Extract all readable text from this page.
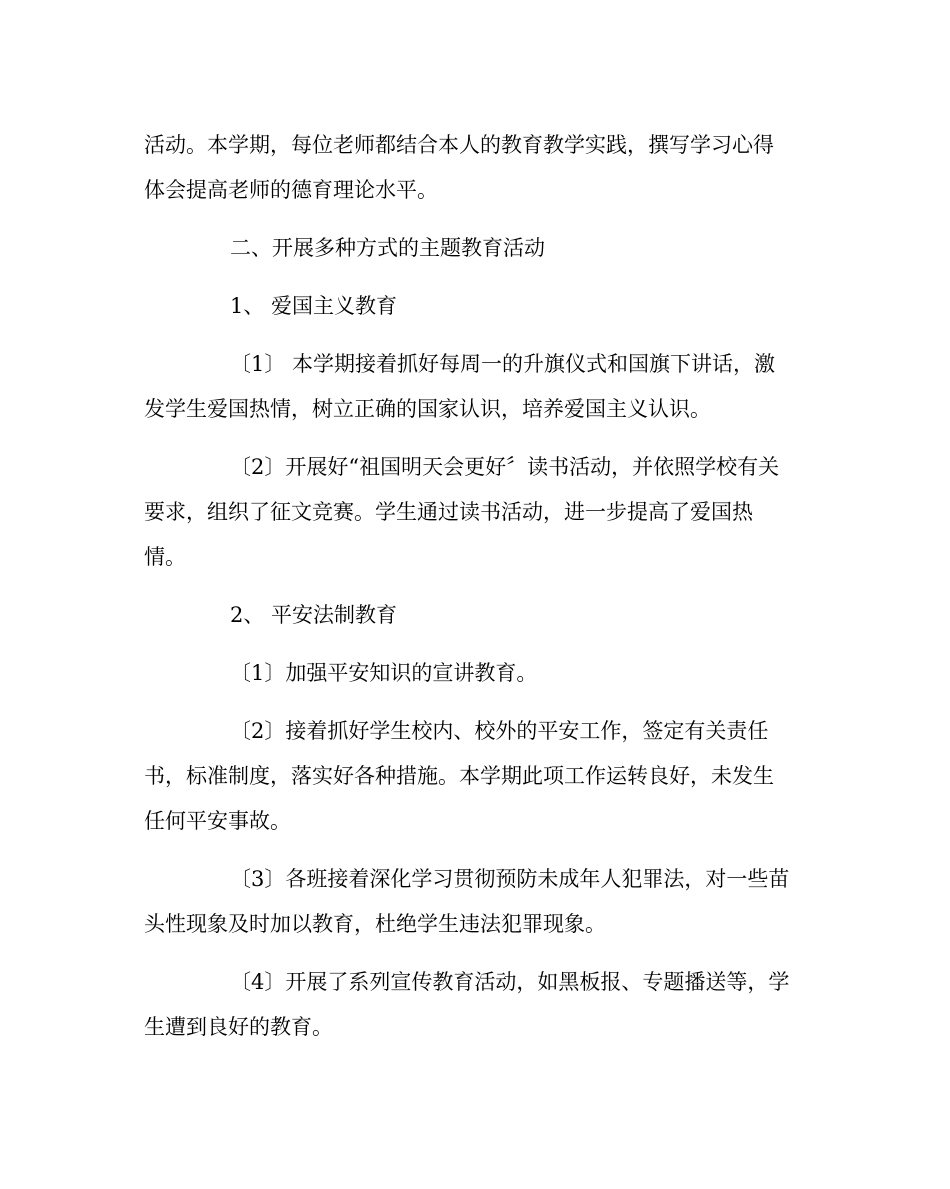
活动。本学期，每位老师都结合本人的教育教学实践，撰写学习心得

体会提高老师的德育理论水平。

二、开展多种方式的主题教育活动

1、 爱国主义教育

〔1〕 本学期接着抓好每周一的升旗仪式和国旗下讲话，激

发学生爱国热情，树立正确的国家认识，培养爱国主义认识。

〔2〕开展好“祖国明天会更好〞读书活动，并依照学校有关

要求，组织了征文竞赛。学生通过读书活动，进一步提高了爱国热

情。

2、 平安法制教育

〔1〕加强平安知识的宣讲教育。

〔2〕接着抓好学生校内、校外的平安工作，签定有关责任

书，标准制度，落实好各种措施。本学期此项工作运转良好，未发生

任何平安事故。

〔3〕各班接着深化学习贯彻预防未成年人犯罪法，对一些苗

头性现象及时加以教育，杜绝学生违法犯罪现象。

〔4〕开展了系列宣传教育活动，如黑板报、专题播送等，学

生遭到良好的教育。
